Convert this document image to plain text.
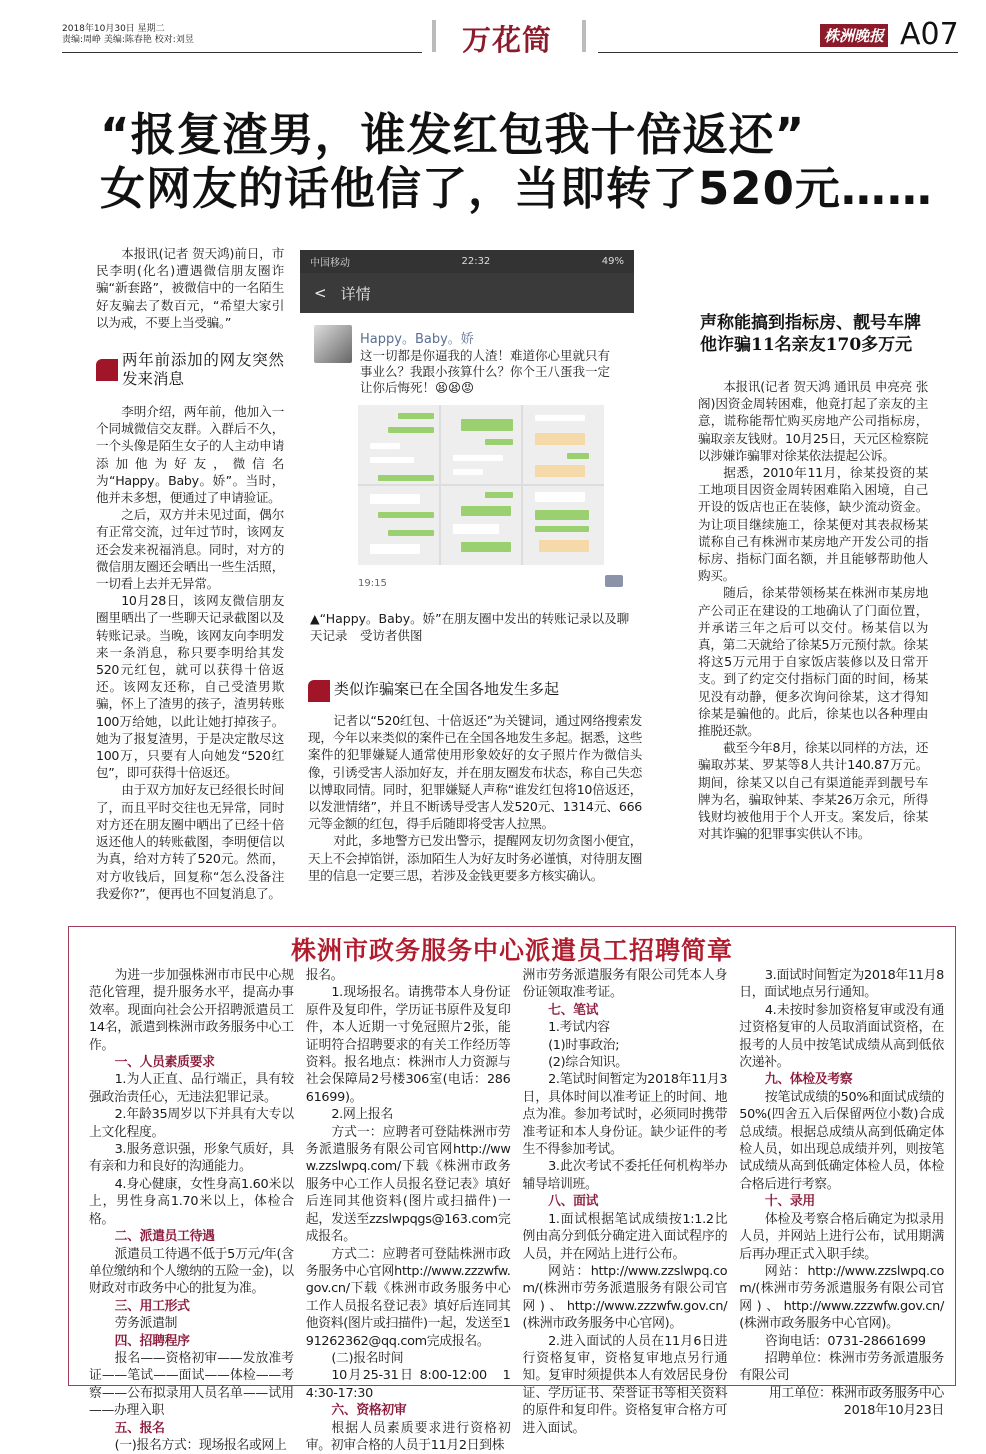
2018年10月30日 星期二
责编:周峥 美编:陈春艳 校对:刘昱	万花筒	株洲晚报 A07
“报复渣男，谁发红包我十倍返还”
女网友的话他信了，当即转了520元……

本报讯(记者 贺天鸿)前日，市民李明(化名)遭遇微信朋友圈诈骗“新套路”，被微信中的一名陌生好友骗去了数百元，“希望大家引以为戒，不要上当受骗。”

两年前添加的网友突然发来消息

李明介绍，两年前，他加入一个同城微信交友群。入群后不久，一个头像是陌生女子的人主动申请添加他为好友，微信名为“Happy。Baby。娇”。当时，他并未多想，便通过了申请验证。

之后，双方并未见过面，偶尔有正常交流，过年过节时，该网友还会发来祝福消息。同时，对方的微信朋友圈还会晒出一些生活照，一切看上去并无异常。

10月28日，该网友微信朋友圈里晒出了一些聊天记录截图以及转账记录。当晚，该网友向李明发来一条消息，称只要李明给其发520元红包，就可以获得十倍返还。该网友还称，自己受渣男欺骗，怀上了渣男的孩子，渣男转账100万给她，以此让她打掉孩子。她为了报复渣男，于是决定散尽这100万，只要有人向她发“520红包”，即可获得十倍返还。

由于双方加好友已经很长时间了，而且平时交往也无异常，同时对方还在朋友圈中晒出了已经十倍返还他人的转账截图，李明便信以为真，给对方转了520元。然而，对方收钱后，回复称“怎么没备注我爱你?”，便再也不回复消息了。

中国移动	22:32	49%
< 详情
Happy。Baby。娇
这一切都是你逼我的人渣！难道你心里就只有事业么？我跟小孩算什么？你个王八蛋我一定让你后悔死！😫😫😡
19:15
▲“Happy。Baby。娇”在朋友圈中发出的转账记录以及聊天记录　受访者供图
类似诈骗案已在全国各地发生多起

记者以“520红包、十倍返还”为关键词，通过网络搜索发现，今年以来类似的案件已在全国各地发生多起。据悉，这些案件的犯罪嫌疑人通常使用形象姣好的女子照片作为微信头像，引诱受害人添加好友，并在朋友圈发布状态，称自己失恋以博取同情。同时，犯罪嫌疑人声称“谁发红包将10倍返还，以发泄情绪”，并且不断诱导受害人发520元、1314元、666元等金额的红包，得手后随即将受害人拉黑。

对此，多地警方已发出警示，提醒网友切勿贪图小便宜，天上不会掉馅饼，添加陌生人为好友时务必谨慎，对待朋友圈里的信息一定要三思，若涉及金钱更要多方核实确认。

声称能搞到指标房、靓号车牌他诈骗11名亲友170多万元

本报讯(记者 贺天鸿 通讯员 申亮亮 张阁)因资金周转困难，他竟打起了亲友的主意，谎称能帮忙购买房地产公司指标房，骗取亲友钱财。10月25日，天元区检察院以涉嫌诈骗罪对徐某依法提起公诉。

据悉，2010年11月，徐某投资的某工地项目因资金周转困难陷入困境，自己开设的饭店也正在装修，缺少流动资金。为让项目继续施工，徐某便对其表叔杨某谎称自己有株洲市某房地产开发公司的指标房、指标门面名额，并且能够帮助他人购买。

随后，徐某带领杨某在株洲市某房地产公司正在建设的工地确认了门面位置，并承诺三年之后可以交付。杨某信以为真，第二天就给了徐某5万元预付款。徐某将这5万元用于自家饭店装修以及日常开支。到了约定交付指标门面的时间，杨某见没有动静，便多次询问徐某，这才得知徐某是骗他的。此后，徐某也以各种理由推脱还款。

截至今年8月，徐某以同样的方法，还骗取苏某、罗某等8人共计140.87万元。期间，徐某又以自己有渠道能弄到靓号车牌为名，骗取钟某、李某26万余元，所得钱财均被他用于个人开支。案发后，徐某对其诈骗的犯罪事实供认不讳。

株洲市政务服务中心派遣员工招聘简章

为进一步加强株洲市市民中心规范化管理，提升服务水平，提高办事效率。现面向社会公开招聘派遣员工14名，派遣到株洲市政务服务中心工作。

一、人员素质要求

1.为人正直、品行端正，具有较强政治责任心，无违法犯罪记录。

2.年龄35周岁以下并具有大专以上文化程度。

3.服务意识强，形象气质好，具有亲和力和良好的沟通能力。

4.身心健康，女性身高1.60米以上，男性身高1.70米以上，体检合格。

二、派遣员工待遇

派遣员工待遇不低于5万元/年(含单位缴纳和个人缴纳的五险一金)，以财政对市政务中心的批复为准。

三、用工形式

劳务派遣制

四、招聘程序

报名——资格初审——发放准考证——笔试——面试——体检——考察——公布拟录用人员名单——试用——办理入职

五、报名

(一)报名方式：现场报名或网上

报名。

1.现场报名。请携带本人身份证原件及复印件，学历证书原件及复印件，本人近期一寸免冠照片2张，能证明符合招聘要求的有关工作经历等资料。报名地点：株洲市人力资源与社会保障局2号楼306室(电话：28661699)。

2.网上报名

方式一：应聘者可登陆株洲市劳务派遣服务有限公司官网http://www.zzslwpq.com/下载《株洲市政务服务中心工作人员报名登记表》填好后连同其他资料(图片或扫描件)一起，发送至zzslwpqgs@163.com完成报名。

方式二：应聘者可登陆株洲市政务服务中心官网http://www.zzzwfw.gov.cn/下载《株洲市政务服务中心工作人员报名登记表》填好后连同其他资料(图片或扫描件)一起，发送至191262362@qq.com完成报名。

(二)报名时间

10月25-31日 8:00-12:00　14:30-17:30

六、资格初审

根据人员素质要求进行资格初审。初审合格的人员于11月2日到株

洲市劳务派遣服务有限公司凭本人身份证领取准考证。

七、笔试

1.考试内容

(1)时事政治;

(2)综合知识。

2.笔试时间暂定为2018年11月3日，具体时间以准考证上的时间、地点为准。参加考试时，必须同时携带准考证和本人身份证。缺少证件的考生不得参加考试。

3.此次考试不委托任何机构举办辅导培训班。

八、面试

1.面试根据笔试成绩按1:1.2比例由高分到低分确定进入面试程序的人员，并在网站上进行公布。

网站：http://www.zzslwpq.com/(株洲市劳务派遣服务有限公司官网)、http://www.zzzwfw.gov.cn/(株洲市政务服务中心官网)。

2.进入面试的人员在11月6日进行资格复审，资格复审地点另行通知。复审时须提供本人有效居民身份证、学历证书、荣誉证书等相关资料的原件和复印件。资格复审合格方可进入面试。

3.面试时间暂定为2018年11月8日，面试地点另行通知。

4.未按时参加资格复审或没有通过资格复审的人员取消面试资格，在报考的人员中按笔试成绩从高到低依次递补。

九、体检及考察

按笔试成绩的50%和面试成绩的50%(四舍五入后保留两位小数)合成总成绩。根据总成绩从高到低确定体检人员，如出现总成绩并列，则按笔试成绩从高到低确定体检人员，体检合格后进行考察。

十、录用

体检及考察合格后确定为拟录用人员，并网站上进行公布，试用期满后再办理正式入职手续。

网站：http://www.zzslwpq.com/(株洲市劳务派遣服务有限公司官网)、http://www.zzzwfw.gov.cn/(株洲市政务服务中心官网)。

咨询电话：0731-28661699

招聘单位：株洲市劳务派遣服务有限公司

用工单位：株洲市政务服务中心

2018年10月23日
